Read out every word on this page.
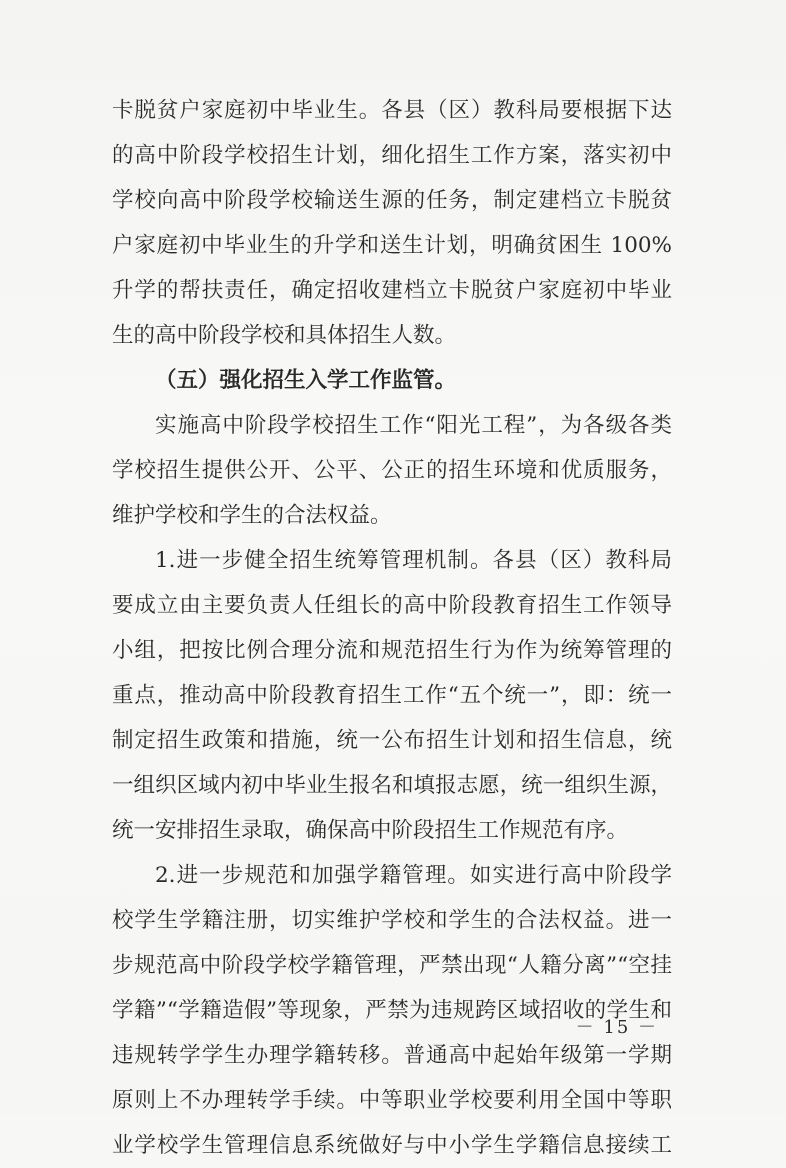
卡脱贫户家庭初中毕业生。各县（区）教科局要根据下达
的高中阶段学校招生计划，细化招生工作方案，落实初中
学校向高中阶段学校输送生源的任务，制定建档立卡脱贫
户家庭初中毕业生的升学和送生计划，明确贫困生 100%
升学的帮扶责任，确定招收建档立卡脱贫户家庭初中毕业
生的高中阶段学校和具体招生人数。
（五）强化招生入学工作监管。
实施高中阶段学校招生工作“阳光工程”，为各级各类
学校招生提供公开、公平、公正的招生环境和优质服务，
维护学校和学生的合法权益。
1.进一步健全招生统筹管理机制。各县（区）教科局
要成立由主要负责人任组长的高中阶段教育招生工作领导
小组，把按比例合理分流和规范招生行为作为统筹管理的
重点，推动高中阶段教育招生工作“五个统一”，即：统一
制定招生政策和措施，统一公布招生计划和招生信息，统
一组织区域内初中毕业生报名和填报志愿，统一组织生源，
统一安排招生录取，确保高中阶段招生工作规范有序。
2.进一步规范和加强学籍管理。如实进行高中阶段学
校学生学籍注册，切实维护学校和学生的合法权益。进一
步规范高中阶段学校学籍管理，严禁出现“人籍分离”“空挂
学籍”“学籍造假”等现象，严禁为违规跨区域招收的学生和
违规转学学生办理学籍转移。普通高中起始年级第一学期
原则上不办理转学手续。中等职业学校要利用全国中等职
业学校学生管理信息系统做好与中小学生学籍信息接续工
－ 15 －
